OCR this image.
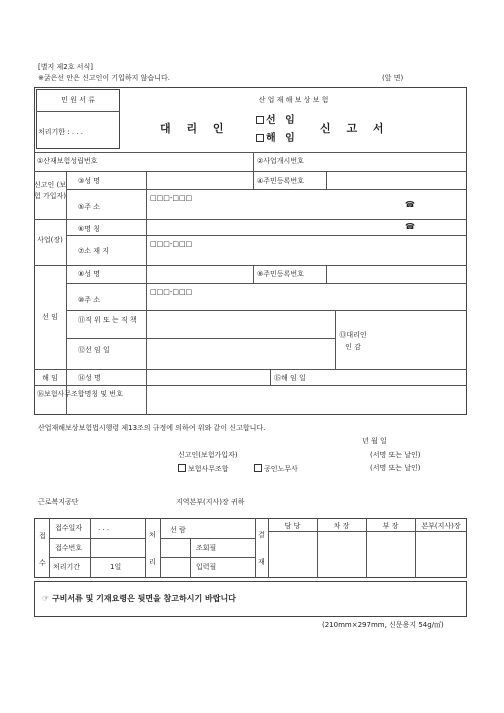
[별지 제2호 서식]
※굵은선 안은 신고인이 기입하지 않습니다.	(앞 면)
민 원 서 류
처리기한 : . . .
산 업 재 해 보 상 보 험
대 리 인
선 임
해 임
신 고 서
①산재보험성립번호	②사업개시번호
신고인 (보험 가입자)
③성 명	④주민등록번호
⑤주 소
□□□-□□□
☎
사업(장)
⑥명 칭	☎
⑦소 재 지
□□□-□□□
선 임
⑧성 명	⑨주민등록번호
⑩주 소
□□□-□□□
⑪직 위 또 는 직 책
⑬대리인 인 감
⑫선 임 일
해 임	⑭성 명	⑮해 임 일
⑯보험사무조합명칭 및 번호
산업재해보상보험법시행령 제13조의 규정에 의하여 위와 같이 신고합니다.
년 월 일
신고인(보험가입자)	(서명 또는 날인)
보험사무조합	공인노무사	(서명 또는 날인)
근로복지공단	지역본부(지사)장 귀하
접
수
접수일자 . . .
접수번호
처리기간	1일
처
리
선 람
조회필
입력필
결
재
담 당	차 장	부 장	본부(지사)장
☞ 구비서류 및 기재요령은 뒷면을 참고하시기 바랍니다
(210mm×297mm, 신문용지 54g/㎡)
